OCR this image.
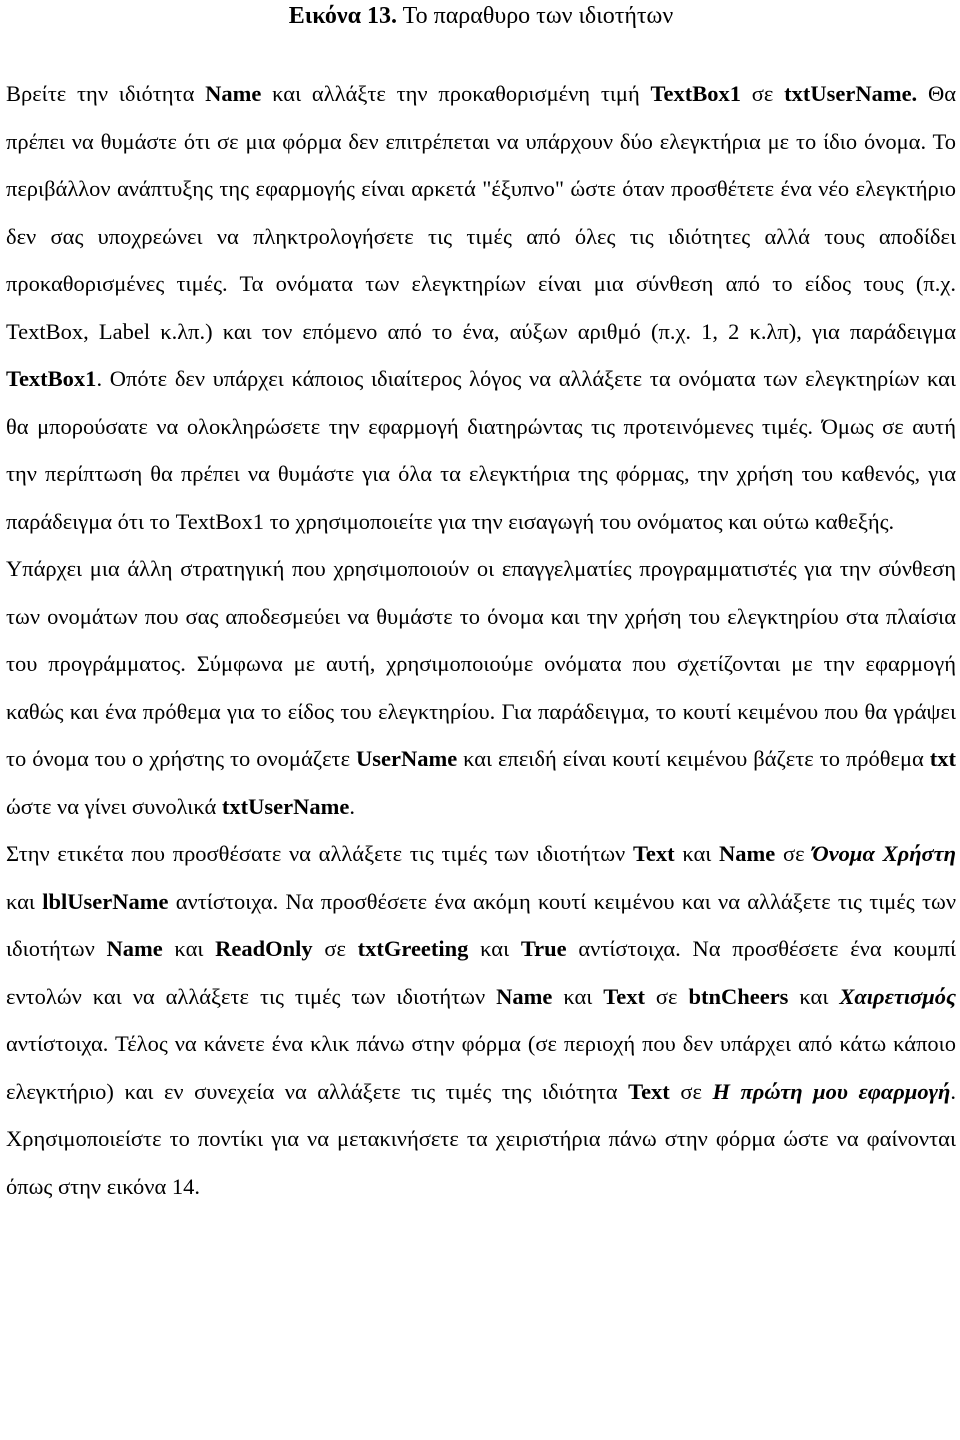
Εικόνα 13. Το παραθυρο των ιδιοτήτων

Βρείτε την ιδιότητα Name και αλλάξτε την προκαθορισμένη τιμή TextBox1 σε txtUserName. Θα πρέπει να θυμάστε ότι σε μια φόρμα δεν επιτρέπεται να υπάρχουν δύο ελεγκτήρια με το ίδιο όνομα. Το περιβάλλον ανάπτυξης της εφαρμογής είναι αρκετά "έξυπνο" ώστε όταν προσθέτετε ένα νέο ελεγκτήριο δεν σας υποχρεώνει να πληκτρολογήσετε τις τιμές από όλες τις ιδιότητες αλλά τους αποδίδει προκαθορισμένες τιμές. Τα ονόματα των ελεγκτηρίων είναι μια σύνθεση από το είδος τους (π.χ. TextBox, Label κ.λπ.) και τον επόμενο από το ένα, αύξων αριθμό (π.χ. 1, 2 κ.λπ), για παράδειγμα TextBox1. Οπότε δεν υπάρχει κάποιος ιδιαίτερος λόγος να αλλάξετε τα ονόματα των ελεγκτηρίων και θα μπορούσατε να ολοκληρώσετε την εφαρμογή διατηρώντας τις προτεινόμενες τιμές. Όμως σε αυτή την περίπτωση θα πρέπει να θυμάστε για όλα τα ελεγκτήρια της φόρμας, την χρήση του καθενός, για παράδειγμα ότι το TextBox1 το χρησιμοποιείτε για την εισαγωγή του ονόματος και ούτω καθεξής.

Υπάρχει μια άλλη στρατηγική που χρησιμοποιούν οι επαγγελματίες προγραμματιστές για την σύνθεση των ονομάτων που σας αποδεσμεύει να θυμάστε το όνομα και την χρήση του ελεγκτηρίου στα πλαίσια του προγράμματος. Σύμφωνα με αυτή, χρησιμοποιούμε ονόματα που σχετίζονται με την εφαρμογή καθώς και ένα πρόθεμα για το είδος του ελεγκτηρίου. Για παράδειγμα, το κουτί κειμένου που θα γράψει το όνομα του ο χρήστης το ονομάζετε UserName και επειδή είναι κουτί κειμένου βάζετε το πρόθεμα txt ώστε να γίνει συνολικά txtUserName.

Στην ετικέτα που προσθέσατε να αλλάξετε τις τιμές των ιδιοτήτων Text και Name σε Όνομα Χρήστη και lblUserName αντίστοιχα. Να προσθέσετε ένα ακόμη κουτί κειμένου και να αλλάξετε τις τιμές των ιδιοτήτων Name και ReadOnly σε txtGreeting και True αντίστοιχα. Να προσθέσετε ένα κουμπί εντολών και να αλλάξετε τις τιμές των ιδιοτήτων Name και Text σε btnCheers και Χαιρετισμός αντίστοιχα. Τέλος να κάνετε ένα κλικ πάνω στην φόρμα (σε περιοχή που δεν υπάρχει από κάτω κάποιο ελεγκτήριο) και εν συνεχεία να αλλάξετε τις τιμές της ιδιότητα Text σε Η πρώτη μου εφαρμογή. Χρησιμοποιείστε το ποντίκι για να μετακινήσετε τα χειριστήρια πάνω στην φόρμα ώστε να φαίνονται όπως στην εικόνα 14.
